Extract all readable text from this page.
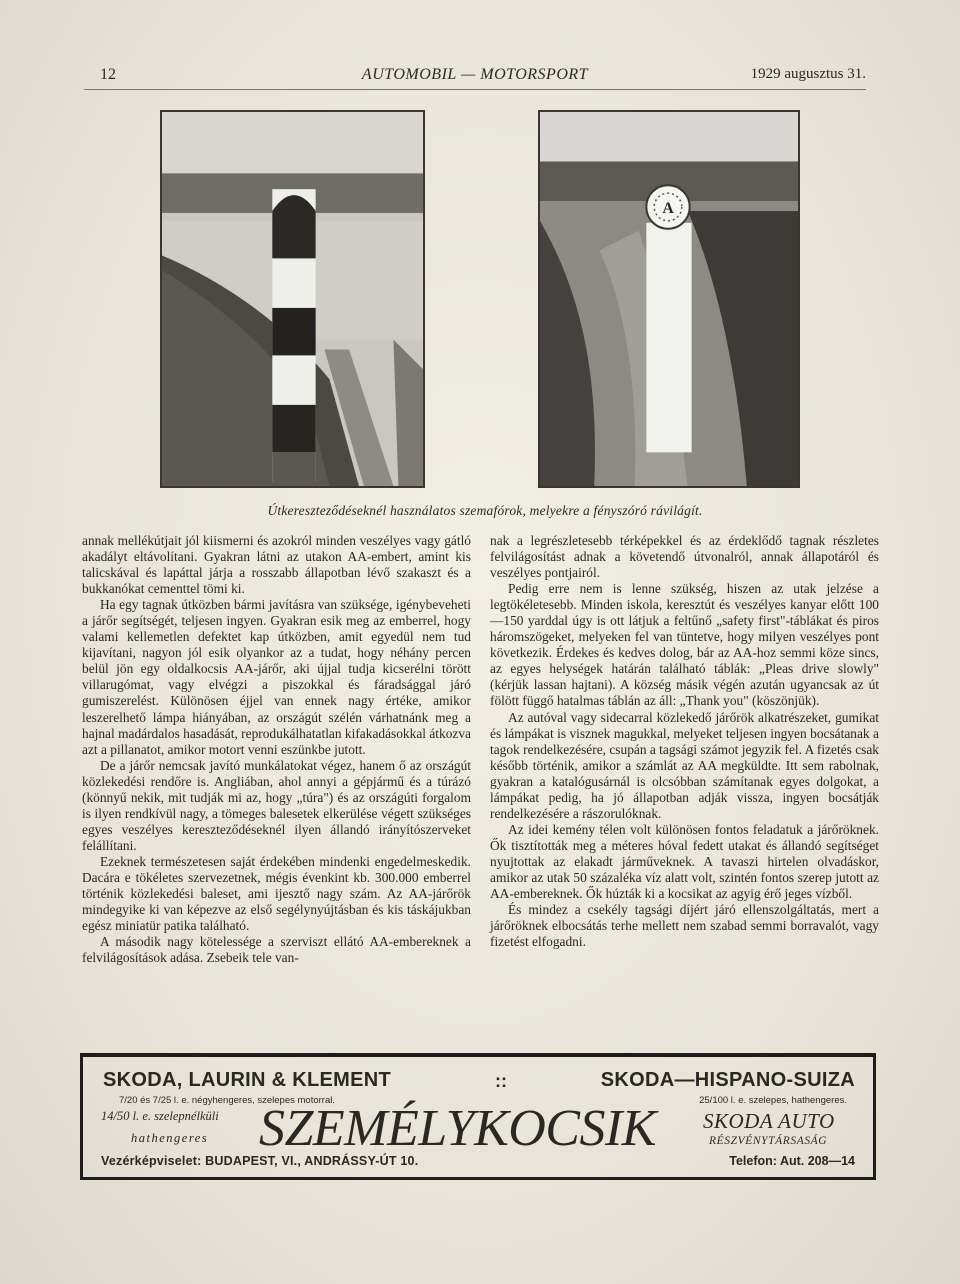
12	AUTOMOBIL — MOTORSPORT	1929 augusztus 31.
A
Útkereszteződéseknél használatos szemafórok, melyekre a fényszóró rávilágít.

annak mellékútjait jól kiismerni és azokról minden veszélyes vagy gátló akadályt eltávolítani. Gyakran látni az utakon AA-embert, amint kis talicskával és lapáttal járja a rosszabb állapotban lévő szakaszt és a bukkanókat cementtel tömi ki.

Ha egy tagnak útközben bármi javításra van szüksége, igénybeveheti a járőr segítségét, teljesen ingyen. Gyakran esik meg az emberrel, hogy valami kellemetlen defektet kap útközben, amit egyedül nem tud kijavítani, nagyon jól esik olyankor az a tudat, hogy néhány percen belül jön egy oldalkocsis AA-járőr, aki újjal tudja kicserélni törött villarugómat, vagy elvégzi a piszokkal és fáradsággal járó gumiszerelést. Különösen éjjel van ennek nagy értéke, amikor leszerelhető lámpa hiányában, az országút szélén várhatnánk meg a hajnal madárdalos hasadását, reprodukálhatatlan kifakadásokkal átkozva azt a pillanatot, amikor motort venni eszünkbe jutott.

De a járőr nemcsak javító munkálatokat végez, hanem ő az országút közlekedési rendőre is. Angliában, ahol annyi a gépjármű és a túrázó (könnyű nekik, mit tudják mi az, hogy „túra") és az országúti forgalom is ilyen rendkívül nagy, a tömeges balesetek elkerülése végett szükséges egyes veszélyes kereszteződéseknél ilyen állandó irányítószerveket felállítani.

Ezeknek természetesen saját érdekében mindenki engedelmeskedik. Dacára e tökéletes szervezetnek, mégis évenkint kb. 300.000 emberrel történik közlekedési baleset, ami ijesztő nagy szám. Az AA-járőrök mindegyike ki van képezve az első segélynyújtásban és kis táskájukban egész miniatür patika található.

A második nagy kötelessége a szerviszt ellátó AA-embereknek a felvilágosítások adása. Zsebeik tele van-

nak a legrészletesebb térképekkel és az érdeklődő tagnak részletes felvilágosítást adnak a követendő útvonalról, annak állapotáról és veszélyes pontjairól.

Pedig erre nem is lenne szükség, hiszen az utak jelzése a legtökéletesebb. Minden iskola, keresztút és veszélyes kanyar előtt 100—150 yarddal úgy is ott látjuk a feltűnő „safety first"-táblákat és piros háromszögeket, melyeken fel van tüntetve, hogy milyen veszélyes pont következik. Érdekes és kedves dolog, bár az AA-hoz semmi köze sincs, az egyes helységek határán található táblák: „Pleas drive slowly" (kérjük lassan hajtani). A község másik végén azután ugyancsak az út fölött függő hatalmas táblán az áll: „Thank you" (köszönjük).

Az autóval vagy sidecarral közlekedő járőrök alkatrészeket, gumikat és lámpákat is visznek magukkal, melyeket teljesen ingyen bocsátanak a tagok rendelkezésére, csupán a tagsági számot jegyzik fel. A fizetés csak később történik, amikor a számlát az AA megküldte. Itt sem rabolnak, gyakran a katalógusárnál is olcsóbban számítanak egyes dolgokat, a lámpákat pedig, ha jó állapotban adják vissza, ingyen bocsátják rendelkezésére a rászorulóknak.

Az idei kemény télen volt különösen fontos feladatuk a járőröknek. Ők tisztították meg a méteres hóval fedett utakat és állandó segítséget nyujtottak az elakadt járműveknek. A tavaszi hirtelen olvadáskor, amikor az utak 50 százaléka víz alatt volt, szintén fontos szerep jutott az AA-embereknek. Ők húzták ki a kocsikat az agyig érő jeges vízből.

És mindez a csekély tagsági díjért járó ellenszolgáltatás, mert a járőröknek elbocsátás terhe mellett nem szabad semmi borravalót, vagy fizetést elfogadni.

SKODA, LAURIN & KLEMENT	::	SKODA—HISPANO-SUIZA
7/20 és 7/25 l. e. négyhengeres, szelepes motorral.	25/100 l. e. szelepes, hathengeres.
14/50 l. e. szelepnélküli
hathengeres SZEMÉLYKOCSIK SKODA AUTO
RÉSZVÉNYTÁRSASÁG
Vezérképviselet: BUDAPEST, VI., ANDRÁSSY-ÚT 10.	Telefon: Aut. 208—14
